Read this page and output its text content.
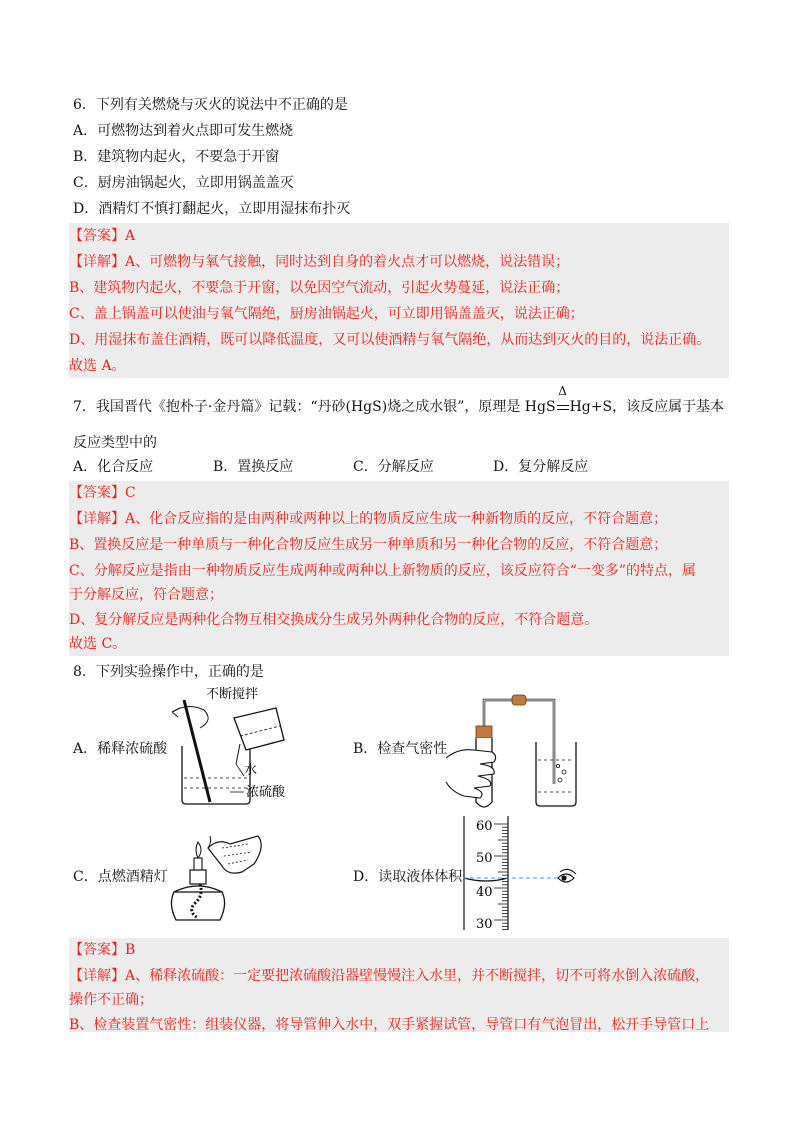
6．下列有关燃烧与灭火的说法中不正确的是
A．可燃物达到着火点即可发生燃烧
B．建筑物内起火，不要急于开窗
C．厨房油锅起火，立即用锅盖盖灭
D．酒精灯不慎打翻起火，立即用湿抹布扑灭
【答案】A
【详解】A、可燃物与氧气接触，同时达到自身的着火点才可以燃烧，说法错误；
B、建筑物内起火，不要急于开窗，以免因空气流动，引起火势蔓延，说法正确；
C、盖上锅盖可以使油与氧气隔绝，厨房油锅起火，可立即用锅盖盖灭，说法正确；
D、用湿抹布盖住酒精，既可以降低温度，又可以使酒精与氧气隔绝，从而达到灭火的目的，说法正确。
故选 A。
7．我国晋代《抱朴子·金丹篇》记载：“丹砂(HgS)烧之成水银”，原理是 HgS
Δ
Hg+S，该反应属于基本
反应类型中的
A．化合反应	B．置换反应	C．分解反应	D．复分解反应
【答案】C
【详解】A、化合反应指的是由两种或两种以上的物质反应生成一种新物质的反应，不符合题意；
B、置换反应是一种单质与一种化合物反应生成另一种单质和另一种化合物的反应，不符合题意；
C、分解反应是指由一种物质反应生成两种或两种以上新物质的反应，该反应符合“一变多”的特点，属
于分解反应，符合题意；
D、复分解反应是两种化合物互相交换成分生成另外两种化合物的反应，不符合题意。
故选 C。
8．下列实验操作中，正确的是
A．稀释浓硫酸	B．检查气密性
C．点燃酒精灯	D．读取液体体积
不断搅拌
水
浓硫酸
60
50
40
30
【答案】B
【详解】A、稀释浓硫酸：一定要把浓硫酸沿器壁慢慢注入水里，并不断搅拌，切不可将水倒入浓硫酸，
操作不正确；
B、检查装置气密性：组装仪器，将导管伸入水中，双手紧握试管，导管口有气泡冒出，松开手导管口上
